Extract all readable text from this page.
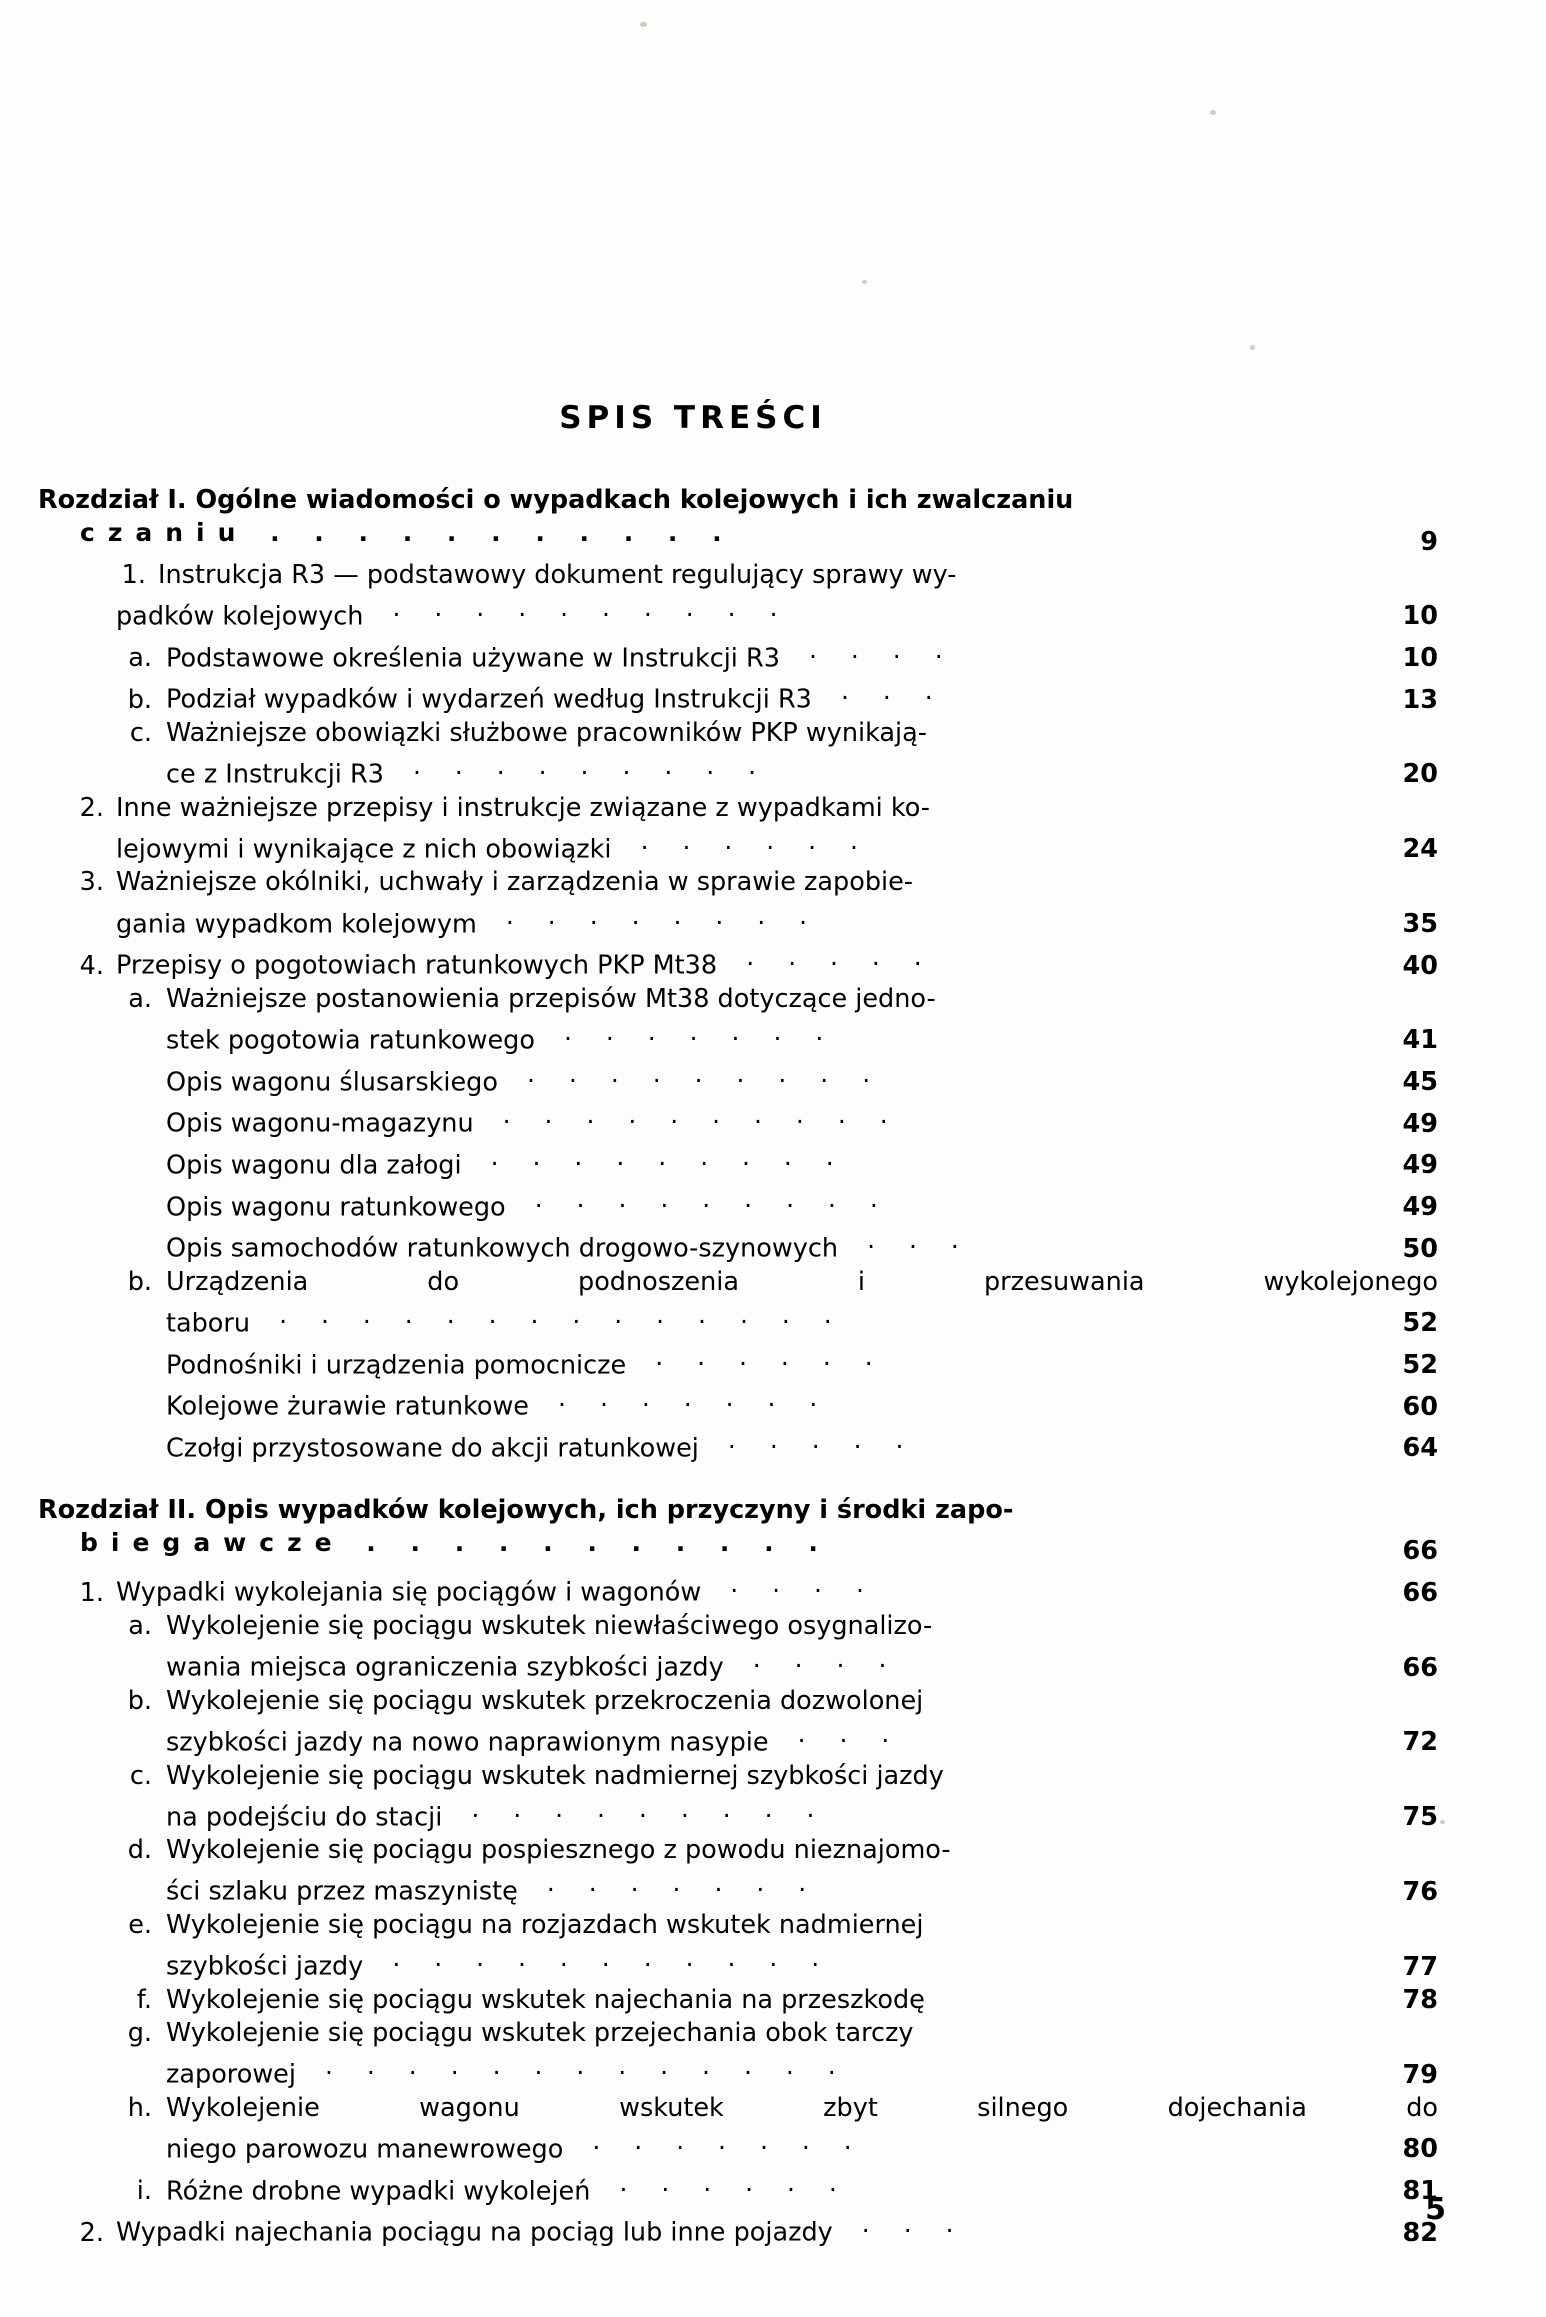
SPIS TREŚCI
Rozdział I. Ogólne wiadomości o wypadkach kolejowych i ich zwalczaniu
czaniu . . . . . . . . . . .	9
1. Instrukcja R3 — podstawowy dokument regulujący sprawy wy-
padków kolejowych  . . . . . . . . . .	10
a. Podstawowe określenia używane w Instrukcji R3  . . . .	10
b. Podział wypadków i wydarzeń według Instrukcji R3  . . .	13
c. Ważniejsze obowiązki służbowe pracowników PKP wynikają-
ce z Instrukcji R3  . . . . . . . . .	20
2. Inne ważniejsze przepisy i instrukcje związane z wypadkami ko-
lejowymi i wynikające z nich obowiązki  . . . . . .	24
3. Ważniejsze okólniki, uchwały i zarządzenia w sprawie zapobie-
gania wypadkom kolejowym  . . . . . . . .	35
4. Przepisy o pogotowiach ratunkowych PKP Mt38  . . . . .	40
a. Ważniejsze postanowienia przepisów Mt38 dotyczące jedno-
stek pogotowia ratunkowego  . . . . . . .	41
Opis wagonu ślusarskiego  . . . . . . . . .	45
Opis wagonu-magazynu  . . . . . . . . . .	49
Opis wagonu dla załogi  . . . . . . . . .	49
Opis wagonu ratunkowego  . . . . . . . . .	49
Opis samochodów ratunkowych drogowo-szynowych  . . .	50
b. Urządzenia do podnoszenia i przesuwania wykolejonego
taboru  . . . . . . . . . . . . . .	52
Podnośniki i urządzenia pomocnicze  . . . . . .	52
Kolejowe żurawie ratunkowe  . . . . . . .	60
Czołgi przystosowane do akcji ratunkowej  . . . . .	64
Rozdział II. Opis wypadków kolejowych, ich przyczyny i środki zapo-
biegawcze . . . . . . . . . . .	66
1. Wypadki wykolejania się pociągów i wagonów  . . . .	66
a. Wykolejenie się pociągu wskutek niewłaściwego osygnalizo-
wania miejsca ograniczenia szybkości jazdy  . . . .	66
b. Wykolejenie się pociągu wskutek przekroczenia dozwolonej
szybkości jazdy na nowo naprawionym nasypie  . . .	72
c. Wykolejenie się pociągu wskutek nadmiernej szybkości jazdy
na podejściu do stacji  . . . . . . . . .	75
d. Wykolejenie się pociągu pospiesznego z powodu nieznajomo-
ści szlaku przez maszynistę  . . . . . . .	76
e. Wykolejenie się pociągu na rozjazdach wskutek nadmiernej
szybkości jazdy  . . . . . . . . . . .	77
f. Wykolejenie się pociągu wskutek najechania na przeszkodę	78
g. Wykolejenie się pociągu wskutek przejechania obok tarczy
zaporowej  . . . . . . . . . . . . .	79
h. Wykolejenie wagonu wskutek zbyt silnego dojechania do
niego parowozu manewrowego  . . . . . . .	80
i. Różne drobne wypadki wykolejeń  . . . . . .	81
2. Wypadki najechania pociągu na pociąg lub inne pojazdy  . . .	82
5
